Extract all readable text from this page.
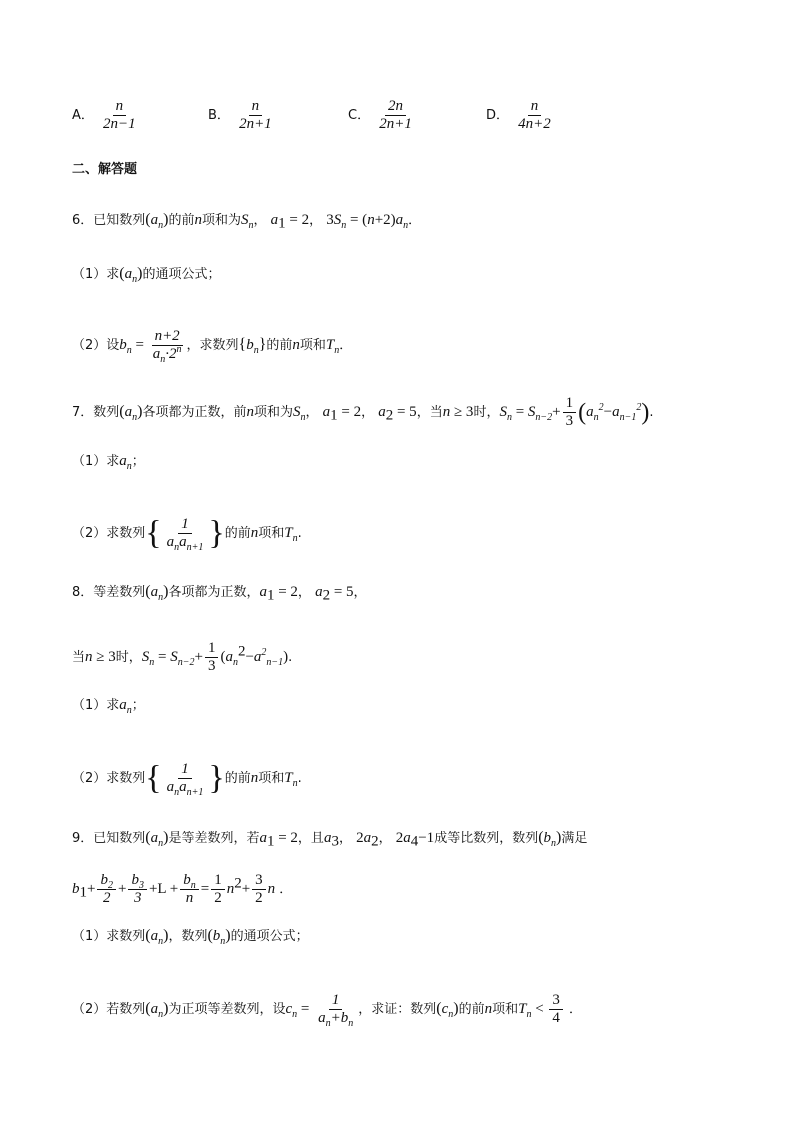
A． $\frac{n}{2n-1}$	B． $\frac{n}{2n+1}$	C． $\frac{2n}{2n+1}$	D． $\frac{n}{4n+2}$
二、解答题
6．已知数列$(a_n)$的前n项和为$S_n$， $a_1 = 2$， $3S_n = (n+2)a_n$．
（1）求$(a_n)$的通项公式；
（2）设$b_n = \frac{n+2}{a_n\cdot 2^n}$ ，求数列$\{b_n\}$的前n项和$T_n$．
7．数列$(a_n)$各项都为正数，前n项和为$S_n$， $a_1 = 2$， $a_2 = 5$，当n ≥ 3时，$S_n = S_{n-2}+ \frac{1}{3} (a_n^2-a_{n-1}^2)$.
（1）求$a_n$；
（2）求数列{ 1
$a_na_{n+1}$ }的前n项和$T_n$.
8．等差数列$(a_n)$各项都为正数，$a_1 = 2$， $a_2 = 5$，
当n ≥ 3时，$S_n = S_{n-2}+ \frac{1}{3} (a_n^2-a^2_{n-1})$.
（1）求$a_n$；
（2）求数列{ 1
$a_na_{n+1}$ }的前n项和$T_n$.
9．已知数列$(a_n)$是等差数列，若$a_1 = 2$，且$a_3$， $2a_2$， $2a_4-1$成等比数列，数列$(b_n)$满足
$b_1+ \frac{b_2}{2} + \frac{b_3}{3} +L + \frac{b_n}{n} = \frac{1}{2} n^2+ \frac{3}{2}$ n ．
（1）求数列$(a_n)$，数列$(b_n)$的通项公式；
（2）若数列$(a_n)$为正项等差数列，设$c_n = \frac{1}{a_n+b_n}$ ，求证：数列$(c_n)$的前n项和$T_n < \frac{3}{4}$ ．
